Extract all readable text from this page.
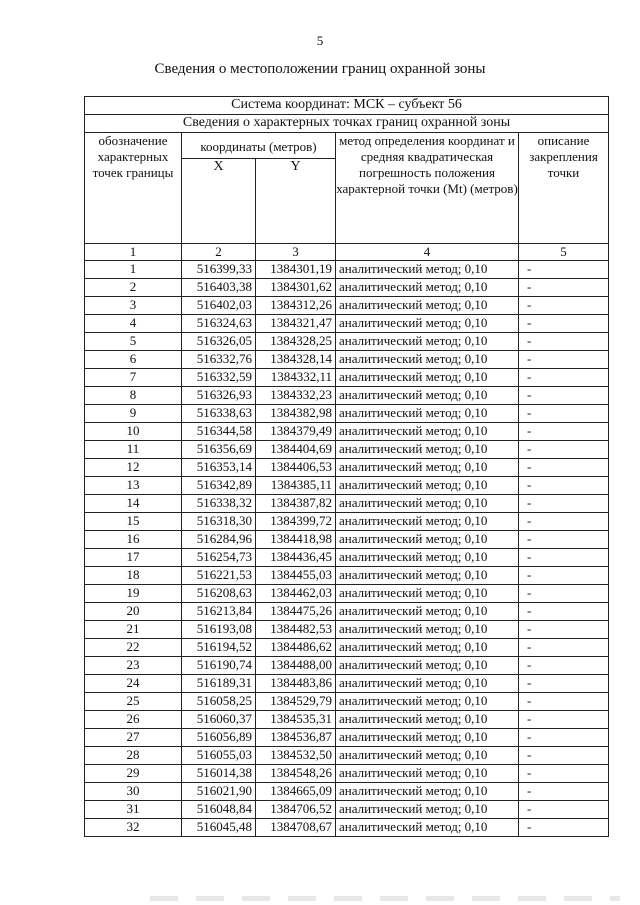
5
Сведения о местоположении границ охранной зоны
Система координат: МСК – субъект 56				
Сведения о характерных точках границ охранной зоны				
обозначение характерных точек границы	координаты (метров)		метод определения координат и средняя квадратическая погрешность положения характерной точки (Mt) (метров)	описание закрепления точки
	X	Y		
1	2	3	4	5
1	516399,33	1384301,19	аналитический метод; 0,10	-
2	516403,38	1384301,62	аналитический метод; 0,10	-
3	516402,03	1384312,26	аналитический метод; 0,10	-
4	516324,63	1384321,47	аналитический метод; 0,10	-
5	516326,05	1384328,25	аналитический метод; 0,10	-
6	516332,76	1384328,14	аналитический метод; 0,10	-
7	516332,59	1384332,11	аналитический метод; 0,10	-
8	516326,93	1384332,23	аналитический метод; 0,10	-
9	516338,63	1384382,98	аналитический метод; 0,10	-
10	516344,58	1384379,49	аналитический метод; 0,10	-
11	516356,69	1384404,69	аналитический метод; 0,10	-
12	516353,14	1384406,53	аналитический метод; 0,10	-
13	516342,89	1384385,11	аналитический метод; 0,10	-
14	516338,32	1384387,82	аналитический метод; 0,10	-
15	516318,30	1384399,72	аналитический метод; 0,10	-
16	516284,96	1384418,98	аналитический метод; 0,10	-
17	516254,73	1384436,45	аналитический метод; 0,10	-
18	516221,53	1384455,03	аналитический метод; 0,10	-
19	516208,63	1384462,03	аналитический метод; 0,10	-
20	516213,84	1384475,26	аналитический метод; 0,10	-
21	516193,08	1384482,53	аналитический метод; 0,10	-
22	516194,52	1384486,62	аналитический метод; 0,10	-
23	516190,74	1384488,00	аналитический метод; 0,10	-
24	516189,31	1384483,86	аналитический метод; 0,10	-
25	516058,25	1384529,79	аналитический метод; 0,10	-
26	516060,37	1384535,31	аналитический метод; 0,10	-
27	516056,89	1384536,87	аналитический метод; 0,10	-
28	516055,03	1384532,50	аналитический метод; 0,10	-
29	516014,38	1384548,26	аналитический метод; 0,10	-
30	516021,90	1384665,09	аналитический метод; 0,10	-
31	516048,84	1384706,52	аналитический метод; 0,10	-
32	516045,48	1384708,67	аналитический метод; 0,10	-
